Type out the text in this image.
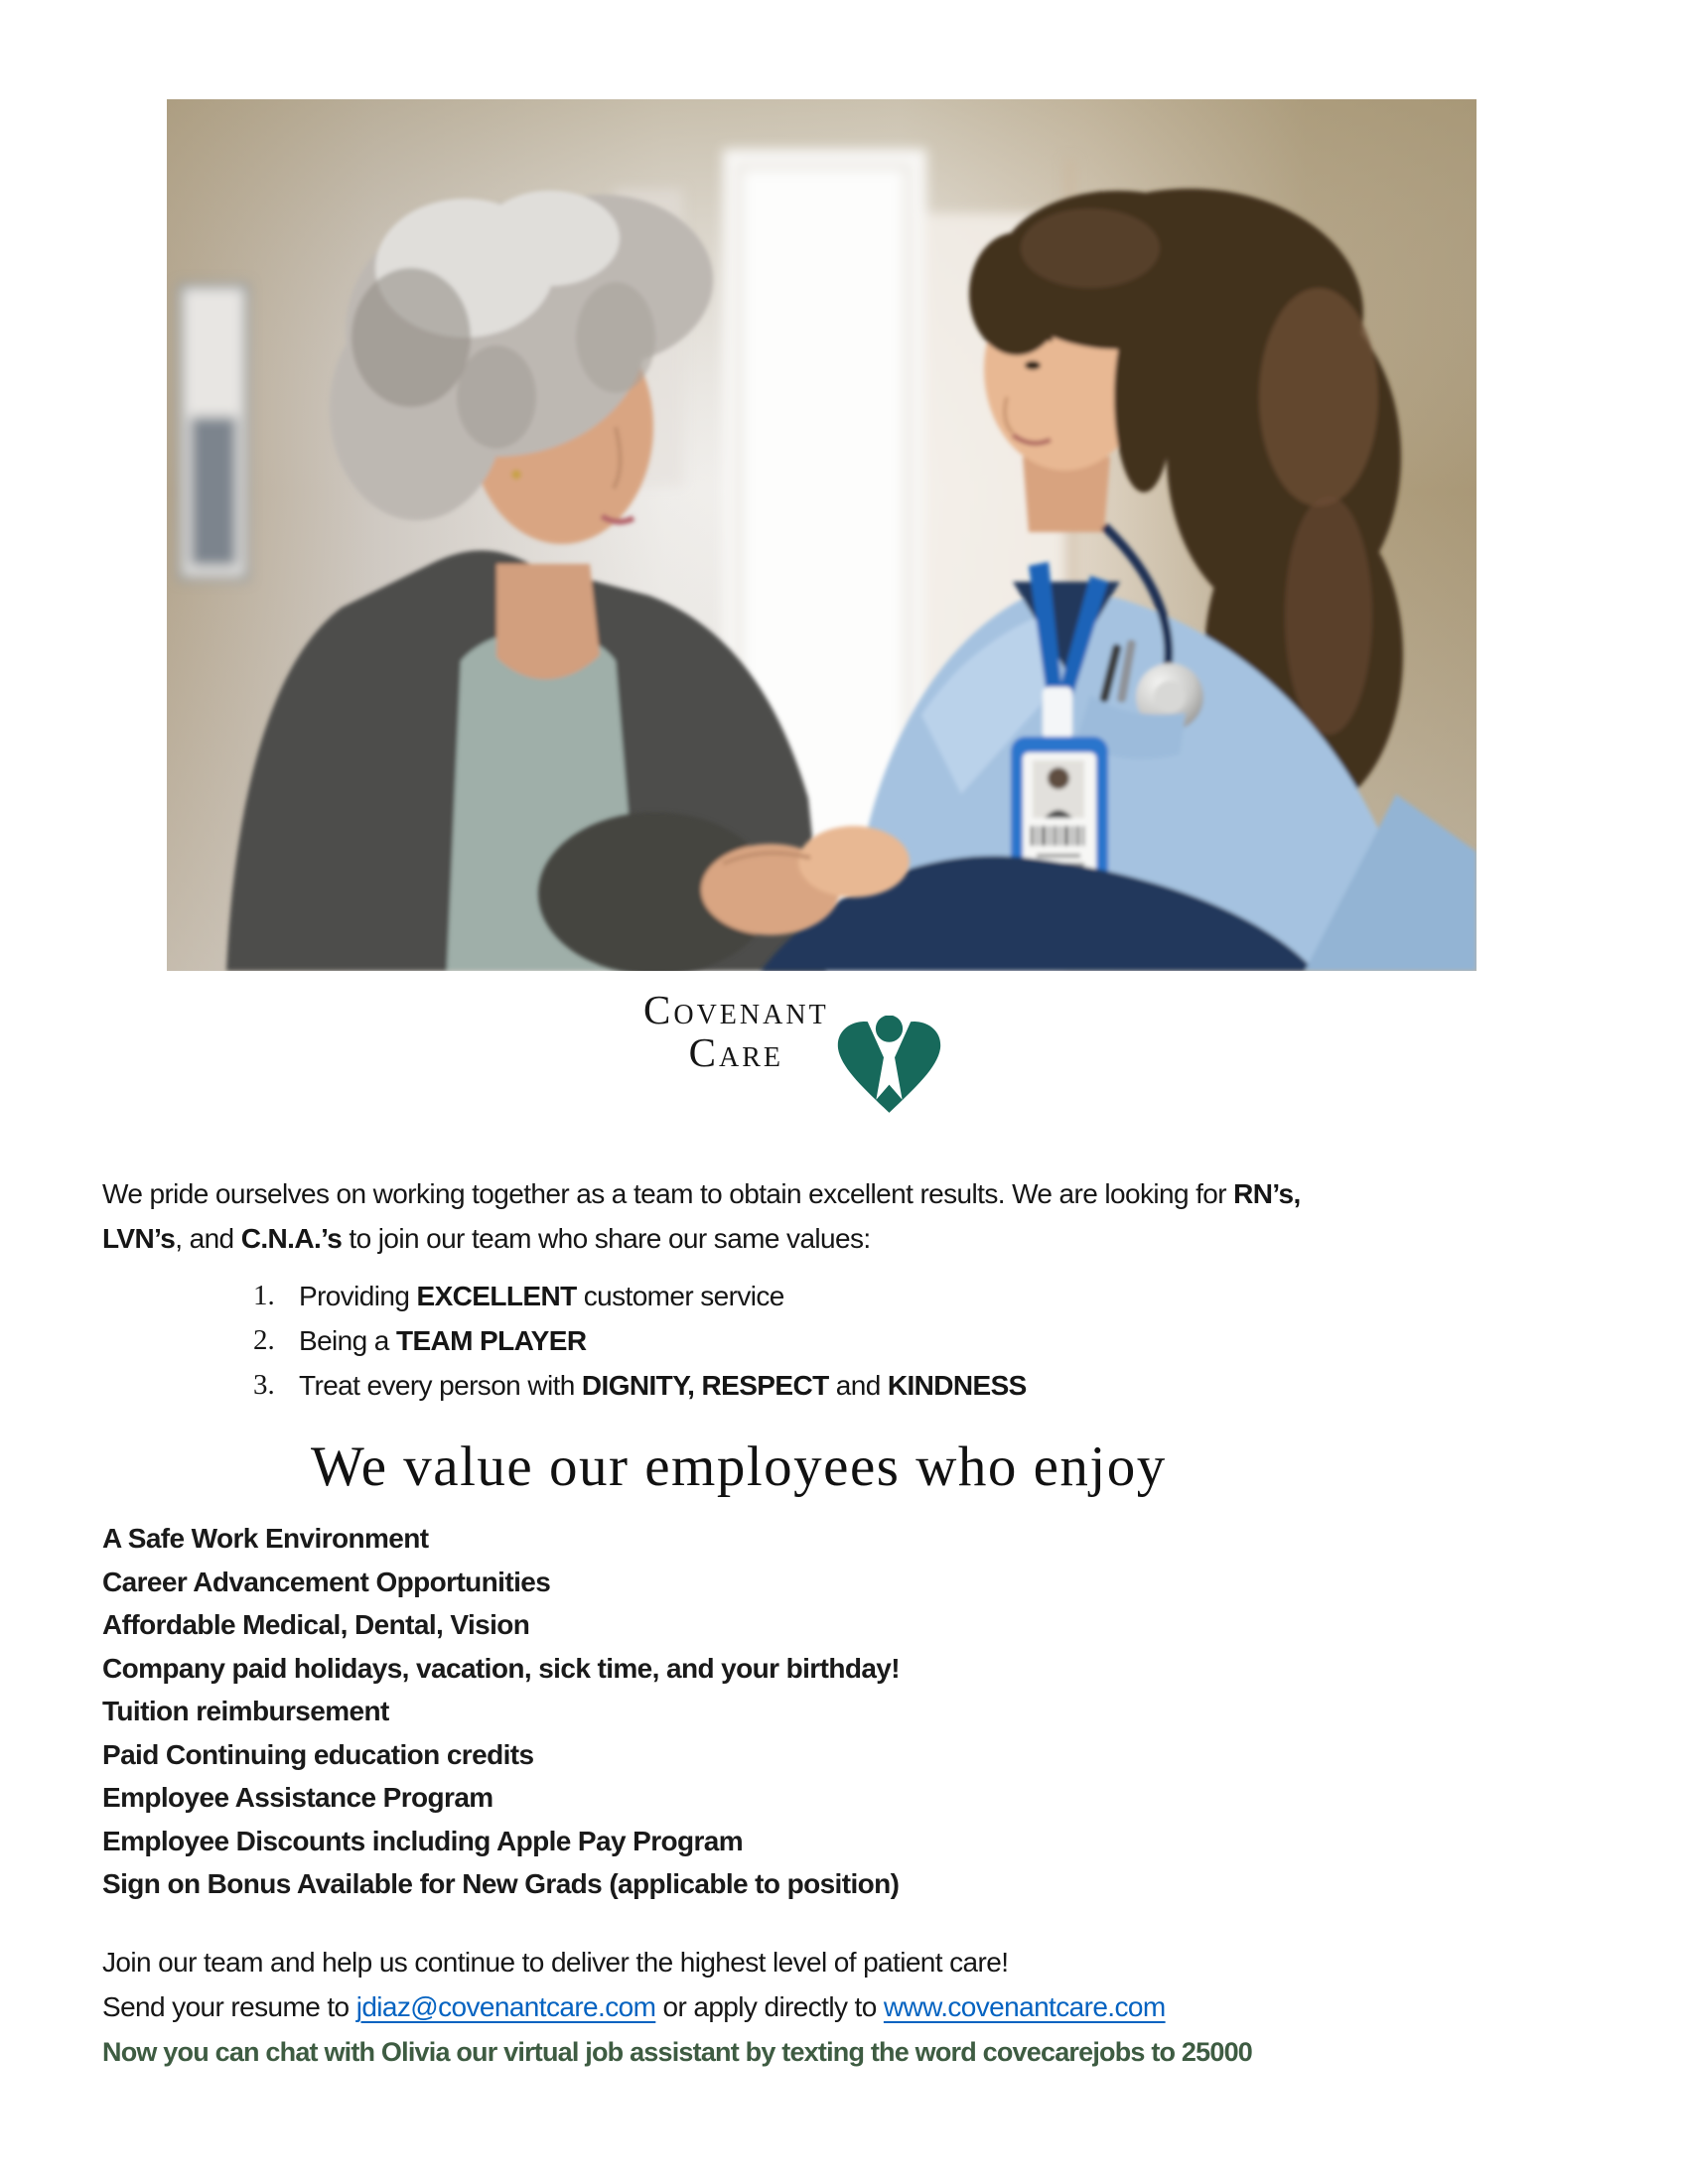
COVENANT
CARE
We pride ourselves on working together as a team to obtain excellent results. We are looking for RN’s,
LVN’s, and C.N.A.’s to join our team who share our same values:
1. Providing EXCELLENT customer service
2. Being a TEAM PLAYER
3. Treat every person with DIGNITY, RESPECT and KINDNESS
We value our employees who enjoy
A Safe Work Environment
Career Advancement Opportunities
Affordable Medical, Dental, Vision
Company paid holidays, vacation, sick time, and your birthday!
Tuition reimbursement
Paid Continuing education credits
Employee Assistance Program
Employee Discounts including Apple Pay Program
Sign on Bonus Available for New Grads (applicable to position)
Join our team and help us continue to deliver the highest level of patient care!
Send your resume to jdiaz@covenantcare.com or apply directly to www.covenantcare.com
Now you can chat with Olivia our virtual job assistant by texting the word covecarejobs to 25000
